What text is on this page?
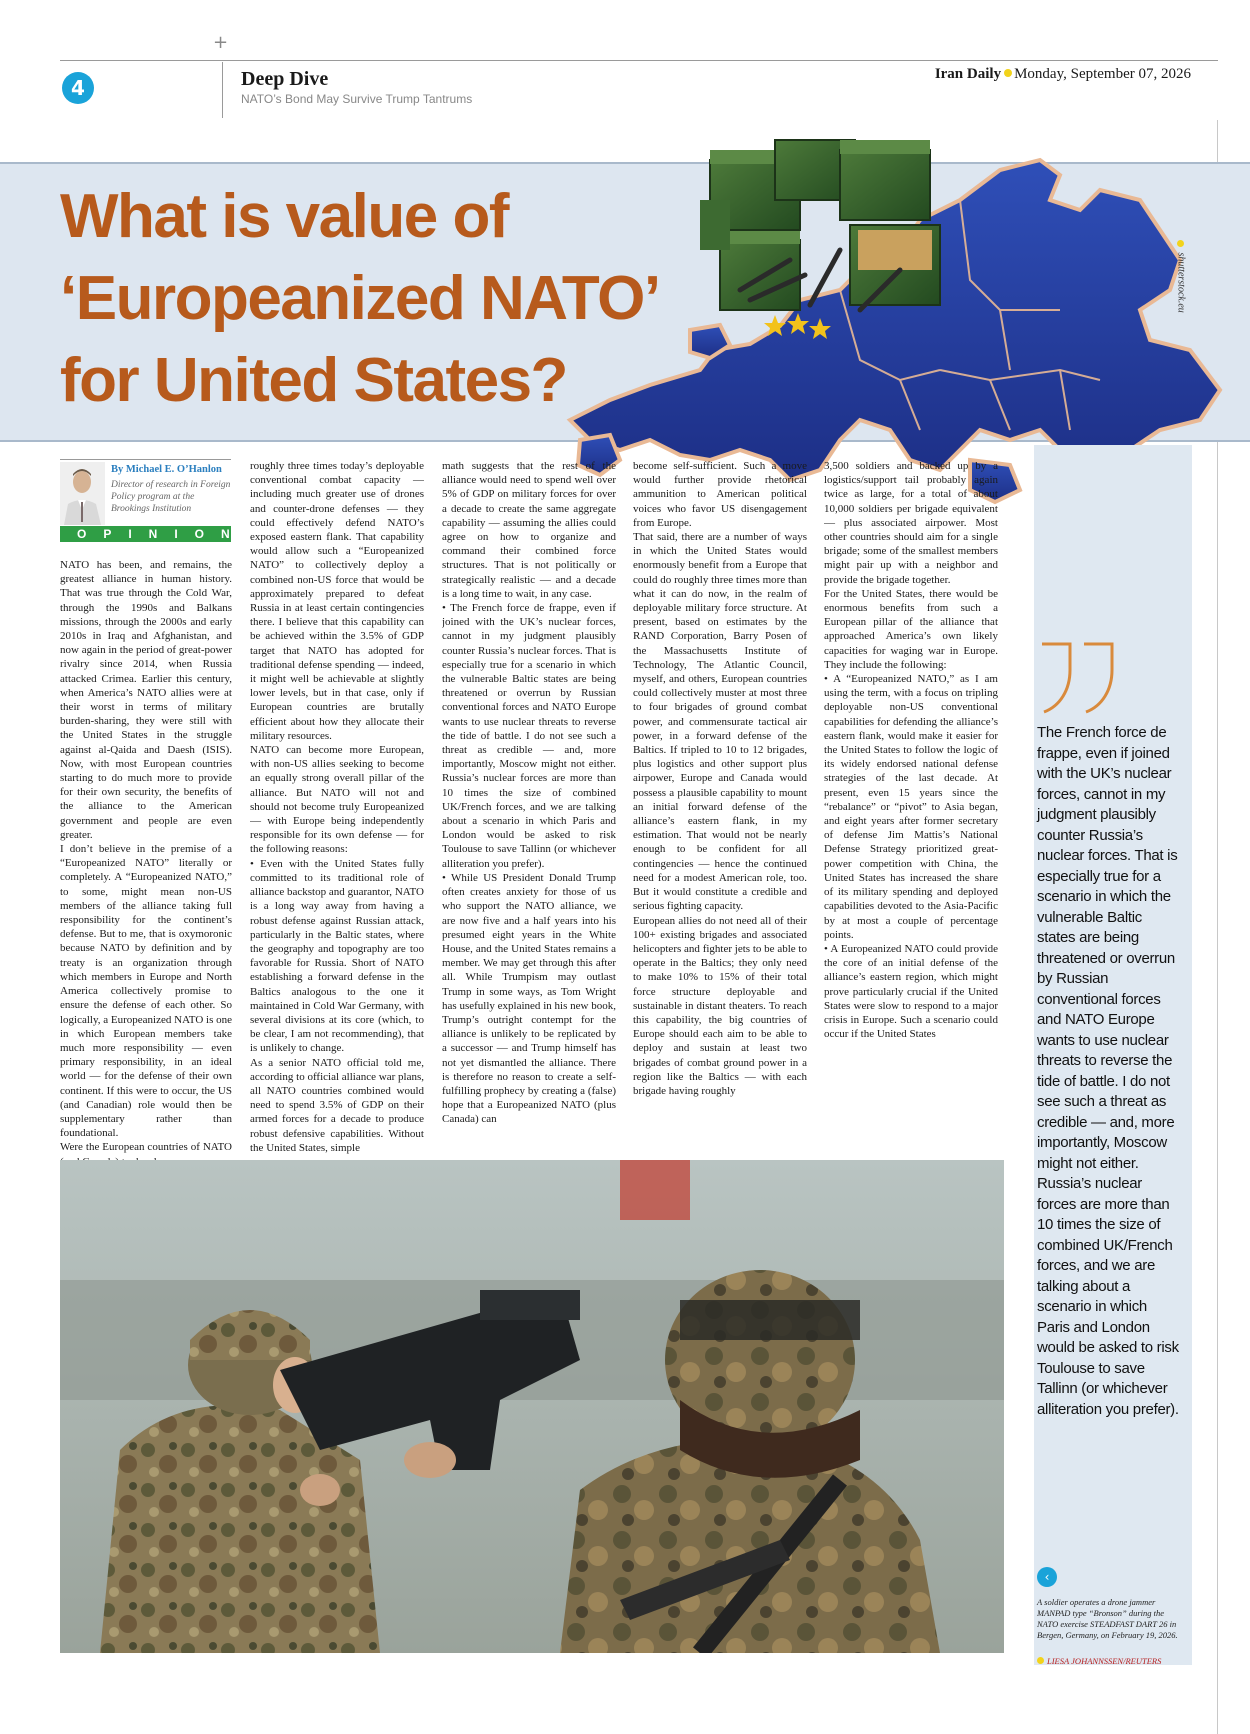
+
4	Deep Dive
NATO’s Bond May Survive Trump Tantrums
Iran Daily Monday, September 07, 2026
What is value of
‘Europeanized NATO’
for United States?
shutterstock.eu
The French force de frappe, even if joined with the UK’s nuclear forces, cannot in my judgment plausibly counter Russia’s nuclear forces. That is especially true for a scenario in which the vulnerable Baltic states are being threatened or overrun by Russian conventional forces and NATO Europe wants to use nuclear threats to reverse the tide of battle. I do not see such a threat as credible — and, more importantly, Moscow might not either. Russia’s nuclear forces are more than 10 times the size of combined UK/French forces, and we are talking about a scenario in which Paris and London would be asked to risk Toulouse to save Tallinn (or whichever alliteration you prefer).
‹
A soldier operates a drone jammer MANPAD type “Bronson” during the NATO exercise STEADFAST DART 26 in Bergen, Germany, on February 19, 2026.
LIESA JOHANNSSEN/REUTERS
By Michael E. O’Hanlon
Director of research in Foreign Policy program at the Brookings Institution
OPINION

NATO has been, and remains, the greatest alliance in human history. That was true through the Cold War, through the 1990s and Balkans missions, through the 2000s and early 2010s in Iraq and Afghanistan, and now again in the period of great-power rivalry since 2014, when Russia attacked Crimea. Earlier this century, when America’s NATO allies were at their worst in terms of military burden-sharing, they were still with the United States in the struggle against al-Qaida and Daesh (ISIS). Now, with most European countries starting to do much more to provide for their own security, the benefits of the alliance to the American government and people are even greater.

I don’t believe in the premise of a “Europeanized NATO” literally or completely. A “Europeanized NATO,” to some, might mean non-US members of the alliance taking full responsibility for the continent’s defense. But to me, that is oxymoronic because NATO by definition and by treaty is an organization through which members in Europe and North America collectively promise to ensure the defense of each other. So logically, a Europeanized NATO is one in which European members take much more responsibility — even primary responsibility, in an ideal world — for the defense of their own continent. If this were to occur, the US (and Canadian) role would then be supplementary rather than foundational.

Were the European countries of NATO

roughly three times today’s deployable conventional combat capacity — including much greater use of drones and counter-drone defenses — they could effectively defend NATO’s exposed eastern flank. That capability would allow such a “Europeanized NATO” to collectively deploy a combined non-US force that would be approximately prepared to defeat Russia in at least certain contingencies there. I believe that this capability can be achieved within the 3.5% of GDP target that NATO has adopted for traditional defense spending — indeed, it might well be achievable at slightly lower levels, but in that case, only if European countries are brutally efficient about how they allocate their military resources.

NATO can become more European, with non-US allies seeking to become an equally strong overall pillar of the alliance. But NATO will not and should not become truly Europeanized — with Europe being independently responsible for its own defense — for the following reasons:

• Even with the United States fully committed to its traditional role of alliance backstop and guarantor, NATO is a long way away from having a robust defense against Russian attack, particularly in the Baltic states, where the geography and topography are too favorable for Russia. Short of NATO establishing a forward defense in the Baltics analogous to the one it maintained in Cold War Germany, with several divisions at its core (which, to be clear, I am not recommending), that is unlikely to change.

As a senior NATO official told me, according to official alliance war plans, all NATO countries combined would need to spend 3.5% of GDP on their armed forces for a decade to produce robust defensive capabilities. Without the United States, simple

math suggests that the rest of the alliance would need to spend well over 5% of GDP on military forces for over a decade to create the same aggregate capability — assuming the allies could agree on how to organize and command their combined force structures. That is not politically or strategically realistic — and a decade is a long time to wait, in any case.

• The French force de frappe, even if joined with the UK’s nuclear forces, cannot in my judgment plausibly counter Russia’s nuclear forces. That is especially true for a scenario in which the vulnerable Baltic states are being threatened or overrun by Russian conventional forces and NATO Europe wants to use nuclear threats to reverse the tide of battle. I do not see such a threat as credible — and, more importantly, Moscow might not either. Russia’s nuclear forces are more than 10 times the size of combined UK/French forces, and we are talking about a scenario in which Paris and London would be asked to risk Toulouse to save Tallinn (or whichever alliteration you prefer).

• While US President Donald Trump often creates anxiety for those of us who support the NATO alliance, we are now five and a half years into his presumed eight years in the White House, and the United States remains a member. We may get through this after all. While Trumpism may outlast Trump in some ways, as Tom Wright has usefully explained in his new book, Trump’s outright contempt for the alliance is unlikely to be replicated by a successor — and Trump himself has not yet dismantled the alliance. There is therefore no reason to create a self-fulfilling prophecy by creating a (false) hope that a Europeanized NATO (plus Canada) can

become self-sufficient. Such a move would further provide rhetorical ammunition to American political voices who favor US disengagement from Europe.

That said, there are a number of ways in which the United States would enormously benefit from a Europe that could do roughly three times more than what it can do now, in the realm of deployable military force structure. At present, based on estimates by the RAND Corporation, Barry Posen of the Massachusetts Institute of Technology, The Atlantic Council, myself, and others, European countries could collectively muster at most three to four brigades of ground combat power, and commensurate tactical air power, in a forward defense of the Baltics. If tripled to 10 to 12 brigades, plus logistics and other support plus airpower, Europe and Canada would possess a plausible capability to mount an initial forward defense of the alliance’s eastern flank, in my estimation. That would not be nearly enough to be confident for all contingencies — hence the continued need for a modest American role, too. But it would constitute a credible and serious fighting capacity.

European allies do not need all of their 100+ existing brigades and associated helicopters and fighter jets to be able to operate in the Baltics; they only need to make 10% to 15% of their total force structure deployable and sustainable in distant theaters. To reach this capability, the big countries of Europe should each aim to be able to deploy and sustain at least two brigades of combat ground power in a region like the Baltics — with each brigade having roughly

3,500 soldiers and backed up by a logistics/support tail probably again twice as large, for a total of about 10,000 soldiers per brigade equivalent — plus associated airpower. Most other countries should aim for a single brigade; some of the smallest members might pair up with a neighbor and provide the brigade together.

For the United States, there would be enormous benefits from such a European pillar of the alliance that approached America’s own likely capacities for waging war in Europe. They include the following:

• A “Europeanized NATO,” as I am using the term, with a focus on tripling deployable non-US conventional capabilities for defending the alliance’s eastern flank, would make it easier for the United States to follow the logic of its widely endorsed national defense strategies of the last decade. At present, even 15 years since the “rebalance” or “pivot” to Asia began, and eight years after former secretary of defense Jim Mattis’s National Defense Strategy prioritized great-power competition with China, the United States has increased the share of its military spending and deployed capabilities devoted to the Asia-Pacific by at most a couple of percentage points.

• A Europeanized NATO could provide the core of an initial defense of the alliance’s eastern region, which might prove particularly crucial if the United States were slow to respond to a major crisis in Europe. Such a scenario could occur if the United States
